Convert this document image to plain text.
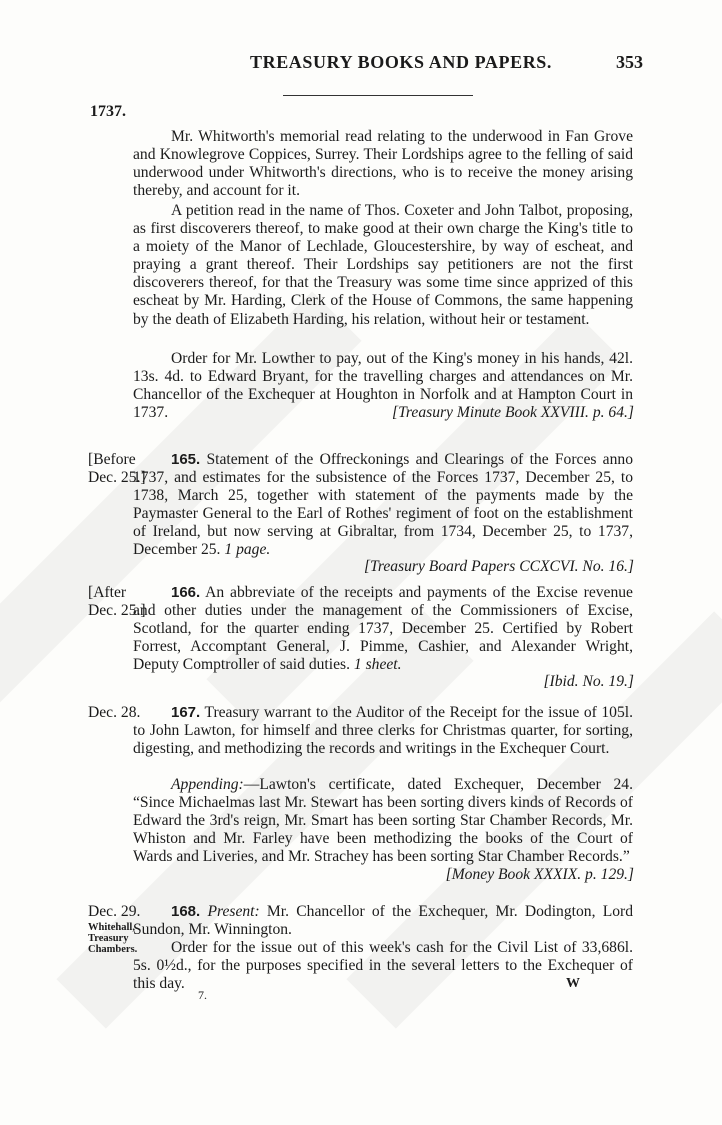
TREASURY BOOKS AND PAPERS.	353
1737.

Mr. Whitworth's memorial read relating to the underwood in Fan Grove and Knowlegrove Coppices, Surrey. Their Lordships agree to the felling of said underwood under Whitworth's directions, who is to receive the money arising thereby, and account for it.

A petition read in the name of Thos. Coxeter and John Talbot, proposing, as first discoverers thereof, to make good at their own charge the King's title to a moiety of the Manor of Lechlade, Gloucestershire, by way of escheat, and praying a grant thereof. Their Lordships say petitioners are not the first discoverers thereof, for that the Treasury was some time since apprized of this escheat by Mr. Harding, Clerk of the House of Commons, the same happening by the death of Elizabeth Harding, his relation, without heir or testament.

Order for Mr. Lowther to pay, out of the King's money in his hands, 42l. 13s. 4d. to Edward Bryant, for the travelling charges and attendances on Mr. Chancellor of the Exchequer at Houghton in Norfolk and at Hampton Court in 1737.	[Treasury Minute Book XXVIII. p. 64.]
[Before
Dec. 25.]

165. Statement of the Offreckonings and Clearings of the Forces anno 1737, and estimates for the subsistence of the Forces 1737, December 25, to 1738, March 25, together with statement of the payments made by the Paymaster General to the Earl of Rothes' regiment of foot on the establishment of Ireland, but now serving at Gibraltar, from 1734, December 25, to 1737, December 25. 1 page.

[Treasury Board Papers CCXCVI. No. 16.]
[After
Dec. 25.]

166. An abbreviate of the receipts and payments of the Excise revenue and other duties under the management of the Commissioners of Excise, Scotland, for the quarter ending 1737, December 25. Certified by Robert Forrest, Accomptant General, J. Pimme, Cashier, and Alexander Wright, Deputy Comptroller of said duties. 1 sheet.

[Ibid. No. 19.]
Dec. 28.	167. Treasury warrant to the Auditor of the Receipt for the issue of 105l. to John Lawton, for himself and three clerks for Christmas quarter, for sorting, digesting, and methodizing the records and writings in the Exchequer Court.

Appending:—Lawton's certificate, dated Exchequer, December 24. “Since Michaelmas last Mr. Stewart has been sorting divers kinds of Records of Edward the 3rd's reign, Mr. Smart has been sorting Star Chamber Records, Mr. Whiston and Mr. Farley have been methodizing the books of the Court of Wards and Liveries, and Mr. Strachey has been sorting Star Chamber Records.”

[Money Book XXXIX. p. 129.]
Dec. 29.
Whitehall,
Treasury
Chambers.

168. Present: Mr. Chancellor of the Exchequer, Mr. Dodington, Lord Sundon, Mr. Winnington.

Order for the issue out of this week's cash for the Civil List of 33,686l. 5s. 0½d., for the purposes specified in the several letters to the Exchequer of this day.

7.
W
